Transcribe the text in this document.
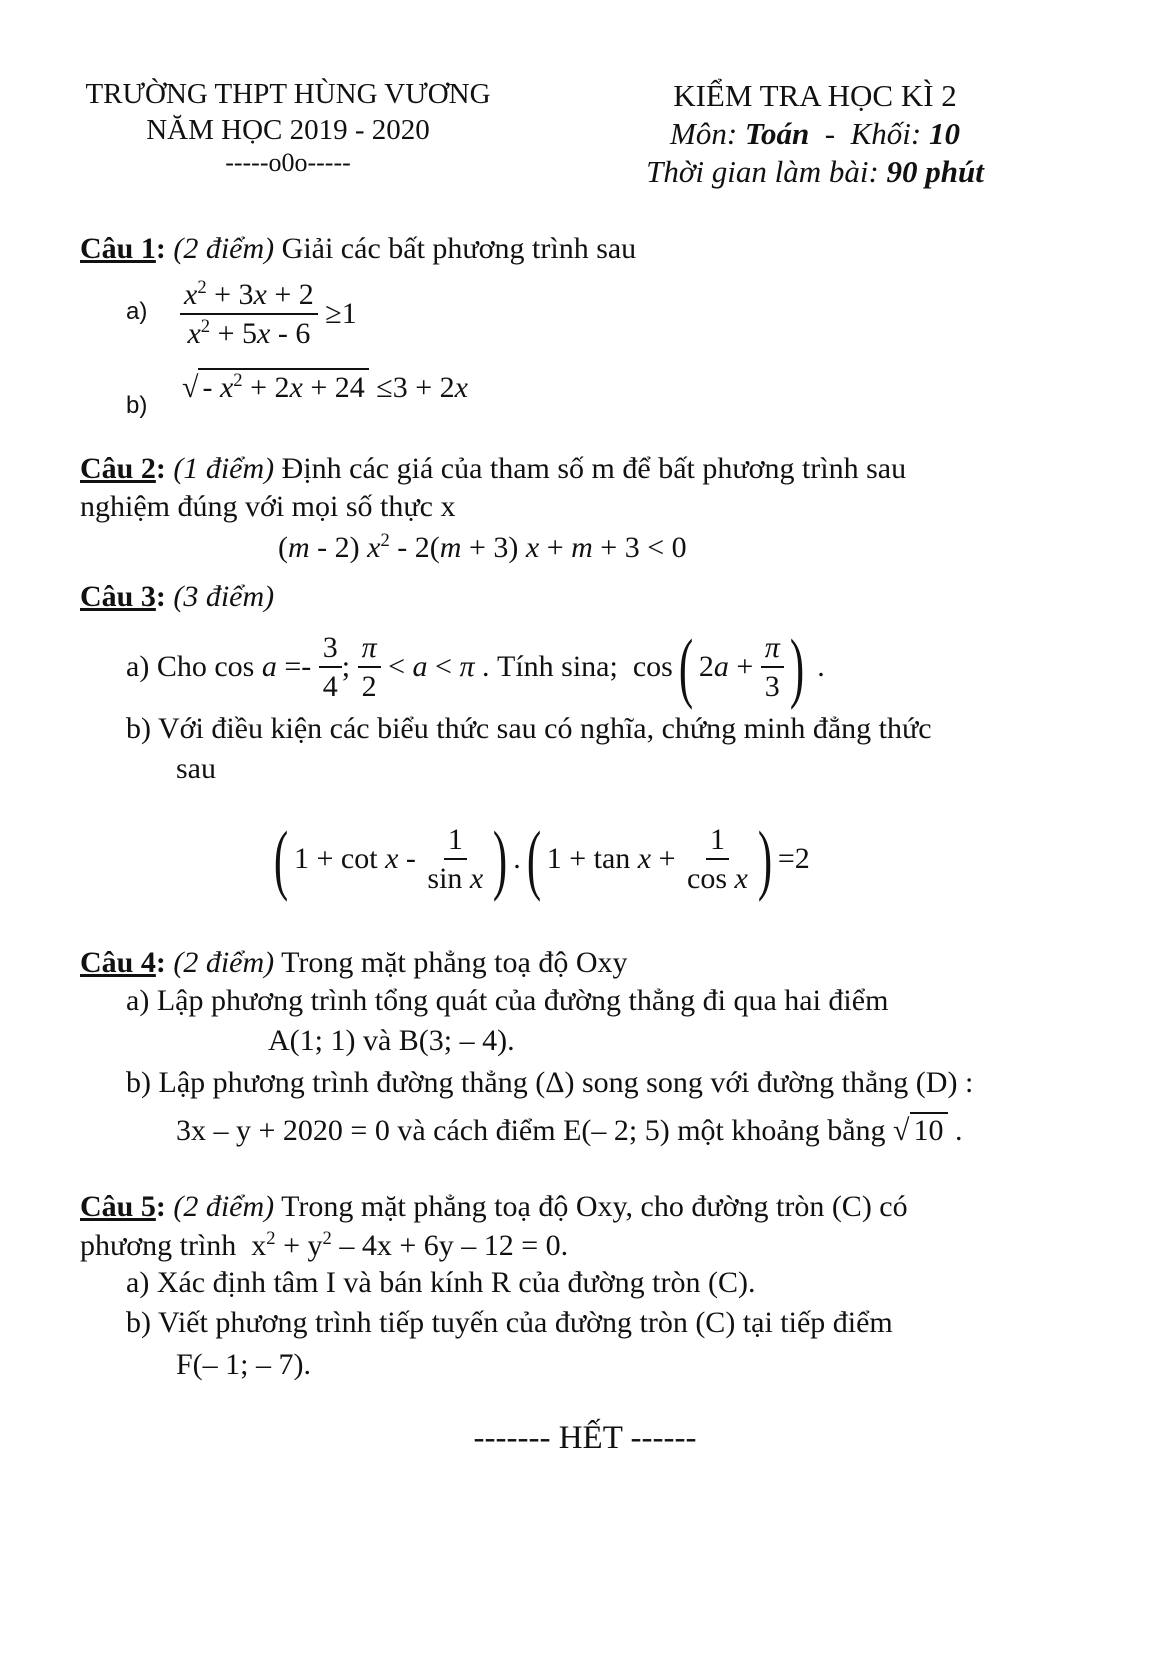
TRƯỜNG THPT HÙNG VƯƠNG
NĂM HỌC 2019 - 2020
-----o0o-----
KIỂM TRA HỌC KÌ 2
Môn: Toán  -  Khối: 10
Thời gian làm bài: 90 phút
Câu 1: (2 điểm) Giải các bất phương trình sau
$a) \frac{x^2 + 3x + 2}{x^2 + 5x - 6} \ge 1$
b)
√ - $x^2 + 2x + 24 \le 3 + 2x$
Câu 2: (1 điểm) Định các giá của tham số m để bất phương trình sau
nghiệm đúng với mọi số thực x
(m - 2) $x^2 - 2(m + 3) x + m + 3 < 0$
Câu 3: (3 điểm)
a) Cho $\cos a =- \frac{3}{4}$ ; $\frac{\pi}{2} < a < \pi$ . Tính sina;  cos( $2a + \frac{\pi}{3}$ ) .
b) Với điều kiện các biểu thức sau có nghĩa, chứng minh đẳng thức
sau
( $1 + \cot x - \frac{1}{\text{sin x}}$ ) .( $1 + \tan x + \frac{1}{\text{cos x}}$ ) =2
Câu 4: (2 điểm) Trong mặt phẳng toạ độ Oxy
a) Lập phương trình tổng quát của đường thẳng đi qua hai điểm
A(1; 1) và B(3; – 4).
b) Lập phương trình đường thẳng (Δ) song song với đường thẳng (D) :
3x – y + 2020 = 0 và cách điểm E(– 2; 5) một khoảng bằng √ 10 .
Câu 5: (2 điểm) Trong mặt phẳng toạ độ Oxy, cho đường tròn (C) có
phương trình  $x^2 + y^2 - 4x + 6y - 12 = 0$.
a) Xác định tâm I và bán kính R của đường tròn (C).
b) Viết phương trình tiếp tuyến của đường tròn (C) tại tiếp điểm
F(– 1; – 7).
------- HẾT ------
